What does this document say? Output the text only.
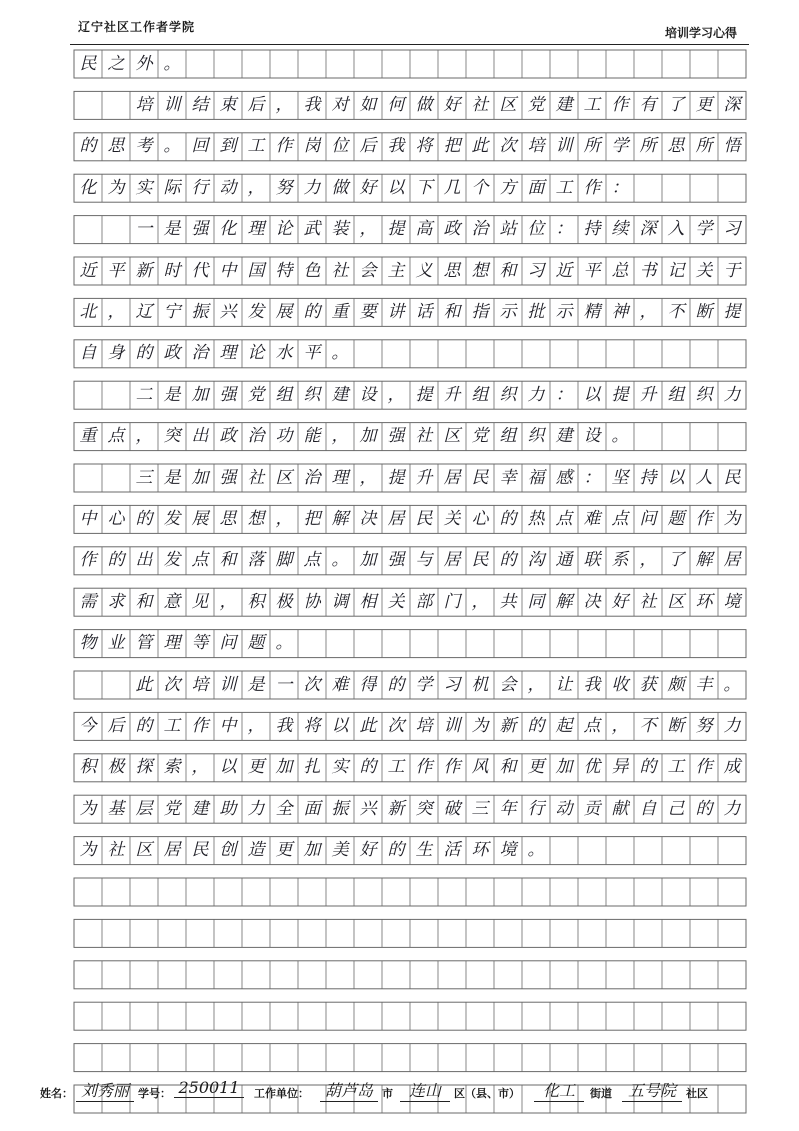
辽宁社区工作者学院	培训学习心得
民 之 外 。
培 训 结 束 后 ， 我 对 如 何 做 好 社 区 党 建 工 作 有 了 更 深
的 思 考 。 回 到 工 作 岗 位 后 我 将 把 此 次 培 训 所 学 所 思 所 悟
化 为 实 际 行 动 ， 努 力 做 好 以 下 几 个 方 面 工 作 ：
一 是 强 化 理 论 武 装 ， 提 高 政 治 站 位 ： 持 续 深 入 学 习
近 平 新 时 代 中 国 特 色 社 会 主 义 思 想 和 习 近 平 总 书 记 关 于
北 ， 辽 宁 振 兴 发 展 的 重 要 讲 话 和 指 示 批 示 精 神 ， 不 断 提
自 身 的 政 治 理 论 水 平 。
二 是 加 强 党 组 织 建 设 ， 提 升 组 织 力 ： 以 提 升 组 织 力
重 点 ， 突 出 政 治 功 能 ， 加 强 社 区 党 组 织 建 设 。
三 是 加 强 社 区 治 理 ， 提 升 居 民 幸 福 感 ： 坚 持 以 人 民
中 心 的 发 展 思 想 ， 把 解 决 居 民 关 心 的 热 点 难 点 问 题 作 为
作 的 出 发 点 和 落 脚 点 。 加 强 与 居 民 的 沟 通 联 系 ， 了 解 居
需 求 和 意 见 ， 积 极 协 调 相 关 部 门 ， 共 同 解 决 好 社 区 环 境
物 业 管 理 等 问 题 。
此 次 培 训 是 一 次 难 得 的 学 习 机 会 ， 让 我 收 获 颇 丰 。
今 后 的 工 作 中 ， 我 将 以 此 次 培 训 为 新 的 起 点 ， 不 断 努 力
积 极 探 索 ， 以 更 加 扎 实 的 工 作 作 风 和 更 加 优 异 的 工 作 成
为 基 层 党 建 助 力 全 面 振 兴 新 突 破 三 年 行 动 贡 献 自 己 的 力
为 社 区 居 民 创 造 更 加 美 好 的 生 活 环 境 。
姓名： 刘秀丽 学号： 250011	工作单位： 葫芦岛 市 连山	区（县、市）	化工	街道 五号院 社区
